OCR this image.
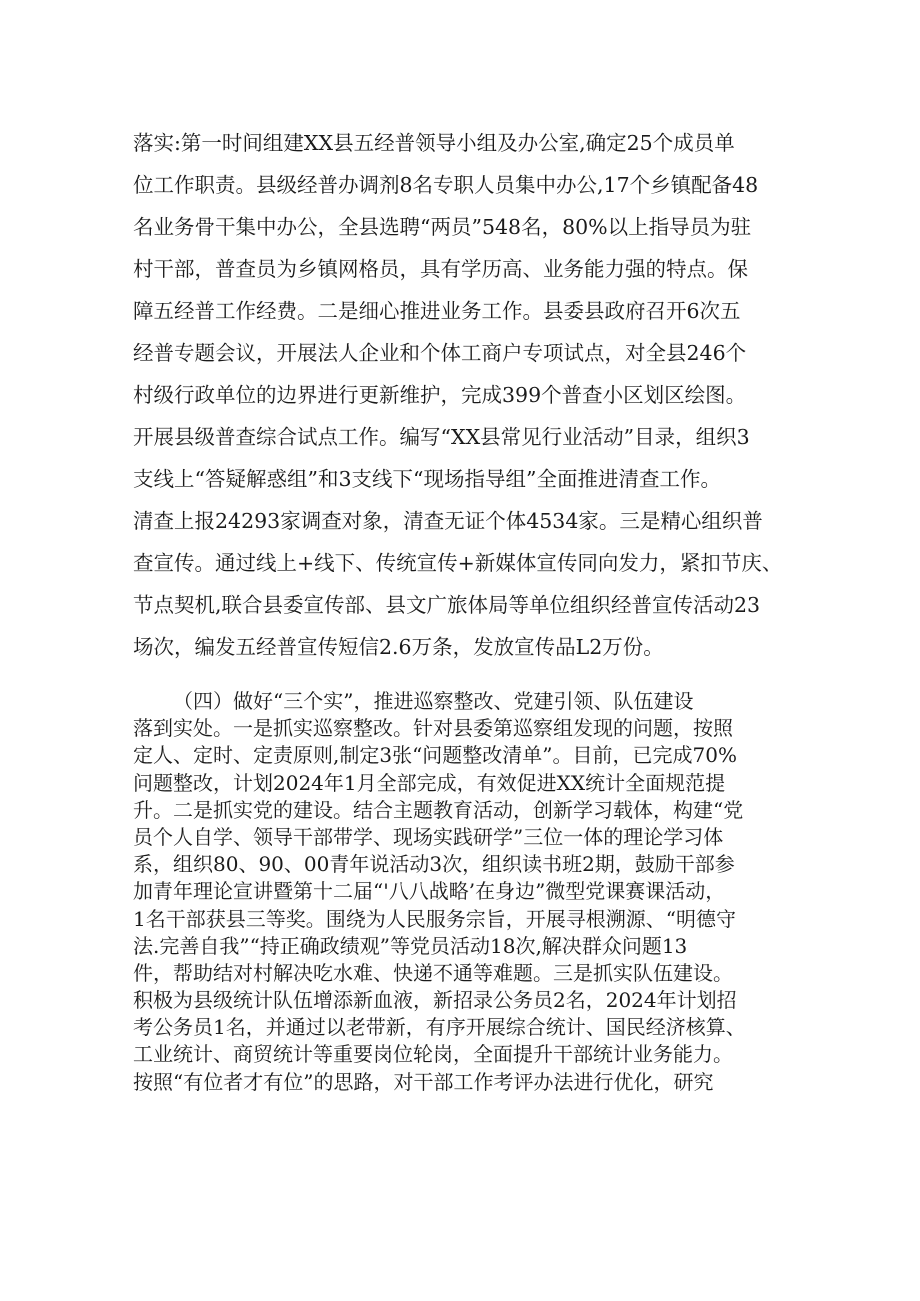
落实:第一时间组建XX县五经普领导小组及办公室,确定25个成员单
位工作职责。县级经普办调剂8名专职人员集中办公,17个乡镇配备48
名业务骨干集中办公，全县选聘“两员”548名，80%以上指导员为驻
村干部，普查员为乡镇网格员，具有学历高、业务能力强的特点。保
障五经普工作经费。二是细心推进业务工作。县委县政府召开6次五
经普专题会议，开展法人企业和个体工商户专项试点，对全县246个
村级行政单位的边界进行更新维护，完成399个普查小区划区绘图。
开展县级普查综合试点工作。编写“XX县常见行业活动”目录，组织3
支线上“答疑解惑组”和3支线下“现场指导组”全面推进清查工作。
清查上报24293家调查对象，清查无证个体4534家。三是精心组织普
查宣传。通过线上+线下、传统宣传+新媒体宣传同向发力，紧扣节庆、
节点契机,联合县委宣传部、县文广旅体局等单位组织经普宣传活动23
场次，编发五经普宣传短信2.6万条，发放宣传品L2万份。
（四）做好“三个实”，推进巡察整改、党建引领、队伍建设
落到实处。一是抓实巡察整改。针对县委第巡察组发现的问题，按照
定人、定时、定责原则,制定3张“问题整改清单”。目前，已完成70%
问题整改，计划2024年1月全部完成，有效促进XX统计全面规范提
升。二是抓实党的建设。结合主题教育活动，创新学习载体，构建“党
员个人自学、领导干部带学、现场实践研学”三位一体的理论学习体
系，组织80、90、00青年说活动3次，组织读书班2期，鼓励干部参
加青年理论宣讲暨第十二届“'八八战略’在身边”微型党课赛课活动，
1名干部获县三等奖。围绕为人民服务宗旨，开展寻根溯源、“明德守
法.完善自我”“持正确政绩观”等党员活动18次,解决群众问题13
件，帮助结对村解决吃水难、快递不通等难题。三是抓实队伍建设。
积极为县级统计队伍增添新血液，新招录公务员2名，2024年计划招
考公务员1名，并通过以老带新，有序开展综合统计、国民经济核算、
工业统计、商贸统计等重要岗位轮岗，全面提升干部统计业务能力。
按照“有位者才有位”的思路，对干部工作考评办法进行优化，研究
